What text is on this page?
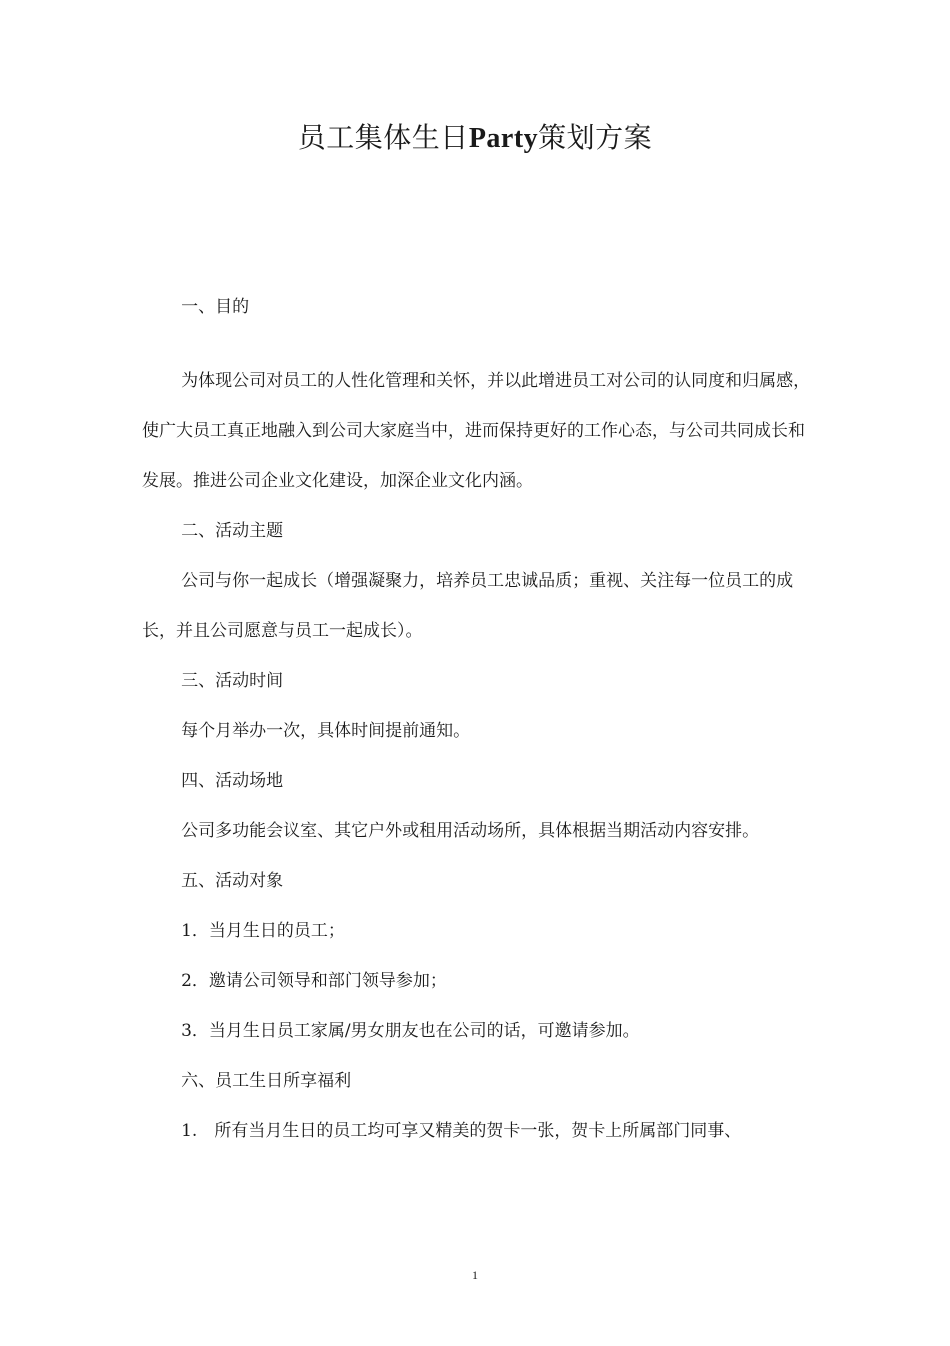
员工集体生日Party策划方案

一、目的

为体现公司对员工的人性化管理和关怀，并以此增进员工对公司的认同度和归属感，使广大员工真正地融入到公司大家庭当中，进而保持更好的工作心态，与公司共同成长和发展。推进公司企业文化建设，加深企业文化内涵。

二、活动主题

公司与你一起成长（增强凝聚力，培养员工忠诚品质；重视、关注每一位员工的成长，并且公司愿意与员工一起成长）。

三、活动时间

每个月举办一次，具体时间提前通知。

四、活动场地

公司多功能会议室、其它户外或租用活动场所，具体根据当期活动内容安排。

五、活动对象

1．当月生日的员工；

2．邀请公司领导和部门领导参加；

3．当月生日员工家属/男女朋友也在公司的话，可邀请参加。

六、员工生日所享福利

1.　所有当月生日的员工均可享又精美的贺卡一张，贺卡上所属部门同事、

1
